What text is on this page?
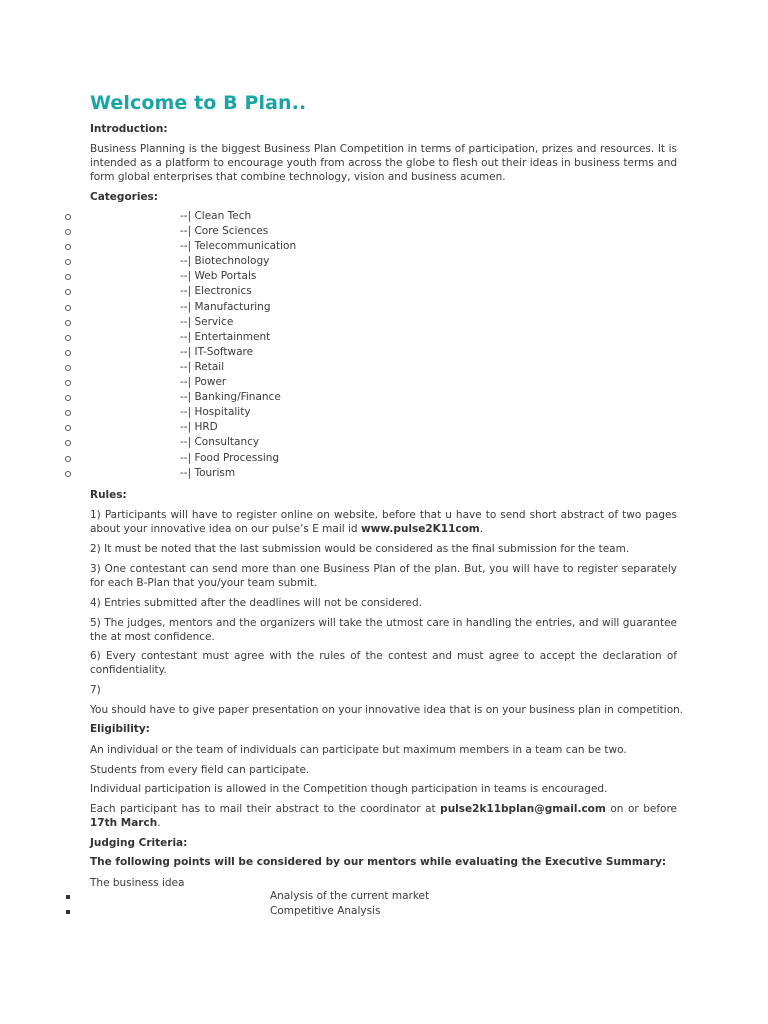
Welcome to B Plan..
Introduction:

Business Planning is the biggest Business Plan Competition in terms of participation, prizes and resources. It is intended as a platform to encourage youth from across the globe to flesh out their ideas in business terms and form global enterprises that combine technology, vision and business acumen.

Categories:
--| Clean Tech
--| Core Sciences
--| Telecommunication
--| Biotechnology
--| Web Portals
--| Electronics
--| Manufacturing
--| Service
--| Entertainment
--| IT-Software
--| Retail
--| Power
--| Banking/Finance
--| Hospitality
--| HRD
--| Consultancy
--| Food Processing
--| Tourism
Rules:

1) Participants will have to register online on website, before that u have to send short abstract of two pages about your innovative idea on our pulse’s E mail id www.pulse2K11com.

2) It must be noted that the last submission would be considered as the final submission for the team.

3) One contestant can send more than one Business Plan of the plan. But, you will have to register separately for each B-Plan that you/your team submit.

4) Entries submitted after the deadlines will not be considered.

5) The judges, mentors and the organizers will take the utmost care in handling the entries, and will guarantee the at most confidence.

6) Every contestant must agree with the rules of the contest and must agree to accept the declaration of confidentiality.

7)
You should have to give paper presentation on your innovative idea that is on your business plan in competition.
Eligibility:
An individual or the team of individuals can participate but maximum members in a team can be two.
Students from every field can participate.
Individual participation is allowed in the Competition though participation in teams is encouraged.

Each participant has to mail their abstract to the coordinator at pulse2k11bplan@gmail.com on or before 17th March.

Judging Criteria:
The following points will be considered by our mentors while evaluating the Executive Summary:
The business idea
Analysis of the current market
Competitive Analysis
